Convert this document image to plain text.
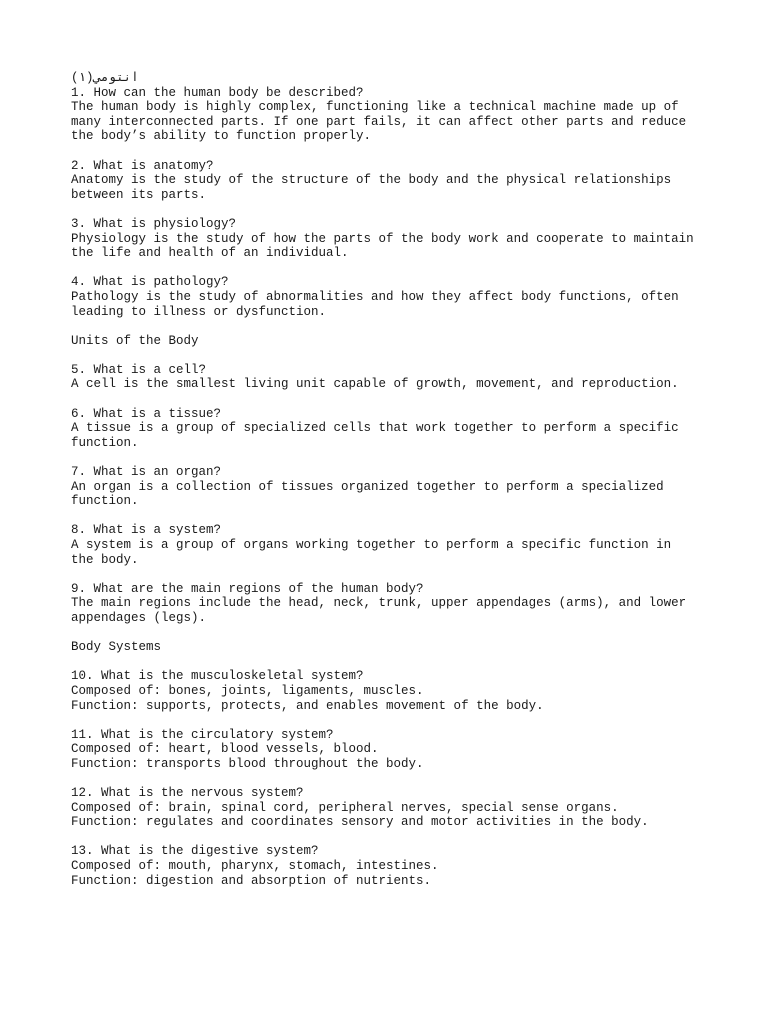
انتومي(١)
1. How can the human body be described?
The human body is highly complex, functioning like a technical machine made up of
many interconnected parts. If one part fails, it can affect other parts and reduce
the body’s ability to function properly.
2. What is anatomy?
Anatomy is the study of the structure of the body and the physical relationships
between its parts.
3. What is physiology?
Physiology is the study of how the parts of the body work and cooperate to maintain
the life and health of an individual.
4. What is pathology?
Pathology is the study of abnormalities and how they affect body functions, often
leading to illness or dysfunction.
Units of the Body
5. What is a cell?
A cell is the smallest living unit capable of growth, movement, and reproduction.
6. What is a tissue?
A tissue is a group of specialized cells that work together to perform a specific
function.
7. What is an organ?
An organ is a collection of tissues organized together to perform a specialized
function.
8. What is a system?
A system is a group of organs working together to perform a specific function in
the body.
9. What are the main regions of the human body?
The main regions include the head, neck, trunk, upper appendages (arms), and lower
appendages (legs).
Body Systems
10. What is the musculoskeletal system?
Composed of: bones, joints, ligaments, muscles.
Function: supports, protects, and enables movement of the body.
11. What is the circulatory system?
Composed of: heart, blood vessels, blood.
Function: transports blood throughout the body.
12. What is the nervous system?
Composed of: brain, spinal cord, peripheral nerves, special sense organs.
Function: regulates and coordinates sensory and motor activities in the body.
13. What is the digestive system?
Composed of: mouth, pharynx, stomach, intestines.
Function: digestion and absorption of nutrients.
